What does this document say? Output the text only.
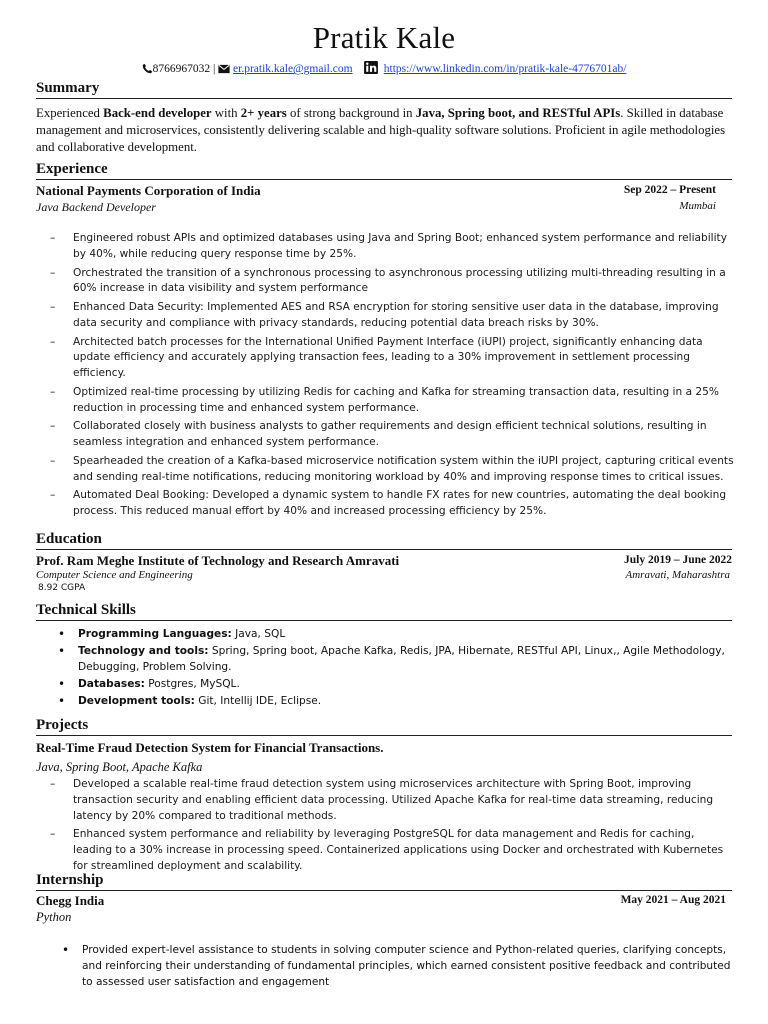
Pratik Kale
8766967032 | er.pratik.kale@gmail.com	https://www.linkedin.com/in/pratik-kale-4776701ab/
Summary
Experienced Back-end developer with 2+ years of strong background in Java, Spring boot, and RESTful APIs. Skilled in database management and microservices, consistently delivering scalable and high-quality software solutions. Proficient in agile methodologies and collaborative development.
Experience
National Payments Corporation of India	Sep 2022 – Present
Java Backend Developer	Mumbai
– Engineered robust APIs and optimized databases using Java and Spring Boot; enhanced system performance and reliability by 40%, while reducing query response time by 25%.
– Orchestrated the transition of a synchronous processing to asynchronous processing utilizing multi-threading resulting in a 60% increase in data visibility and system performance
– Enhanced Data Security: Implemented AES and RSA encryption for storing sensitive user data in the database, improving data security and compliance with privacy standards, reducing potential data breach risks by 30%.
– Architected batch processes for the International Unified Payment Interface (iUPI) project, significantly enhancing data update efficiency and accurately applying transaction fees, leading to a 30% improvement in settlement processing efficiency.
– Optimized real-time processing by utilizing Redis for caching and Kafka for streaming transaction data, resulting in a 25% reduction in processing time and enhanced system performance.
– Collaborated closely with business analysts to gather requirements and design efficient technical solutions, resulting in seamless integration and enhanced system performance.
– Spearheaded the creation of a Kafka-based microservice notification system within the iUPI project, capturing critical events and sending real-time notifications, reducing monitoring workload by 40% and improving response times to critical issues.
– Automated Deal Booking: Developed a dynamic system to handle FX rates for new countries, automating the deal booking process. This reduced manual effort by 40% and increased processing efficiency by 25%.
Education
Prof. Ram Meghe Institute of Technology and Research Amravati	July 2019 – June 2022
Computer Science and Engineering	Amravati, Maharashtra
8.92 CGPA
Technical Skills
• Programming Languages: Java, SQL
• Technology and tools: Spring, Spring boot, Apache Kafka, Redis, JPA, Hibernate, RESTful API, Linux,, Agile Methodology, Debugging, Problem Solving.
• Databases: Postgres, MySQL.
• Development tools: Git, Intellij IDE, Eclipse.
Projects
Real-Time Fraud Detection System for Financial Transactions.
Java, Spring Boot, Apache Kafka
– Developed a scalable real-time fraud detection system using microservices architecture with Spring Boot, improving transaction security and enabling efficient data processing. Utilized Apache Kafka for real-time data streaming, reducing latency by 20% compared to traditional methods.
– Enhanced system performance and reliability by leveraging PostgreSQL for data management and Redis for caching, leading to a 30% increase in processing speed. Containerized applications using Docker and orchestrated with Kubernetes for streamlined deployment and scalability.
Internship
Chegg India	May 2021 – Aug 2021
Python
• Provided expert-level assistance to students in solving computer science and Python-related queries, clarifying concepts, and reinforcing their understanding of fundamental principles, which earned consistent positive feedback and contributed to assessed user satisfaction and engagement
